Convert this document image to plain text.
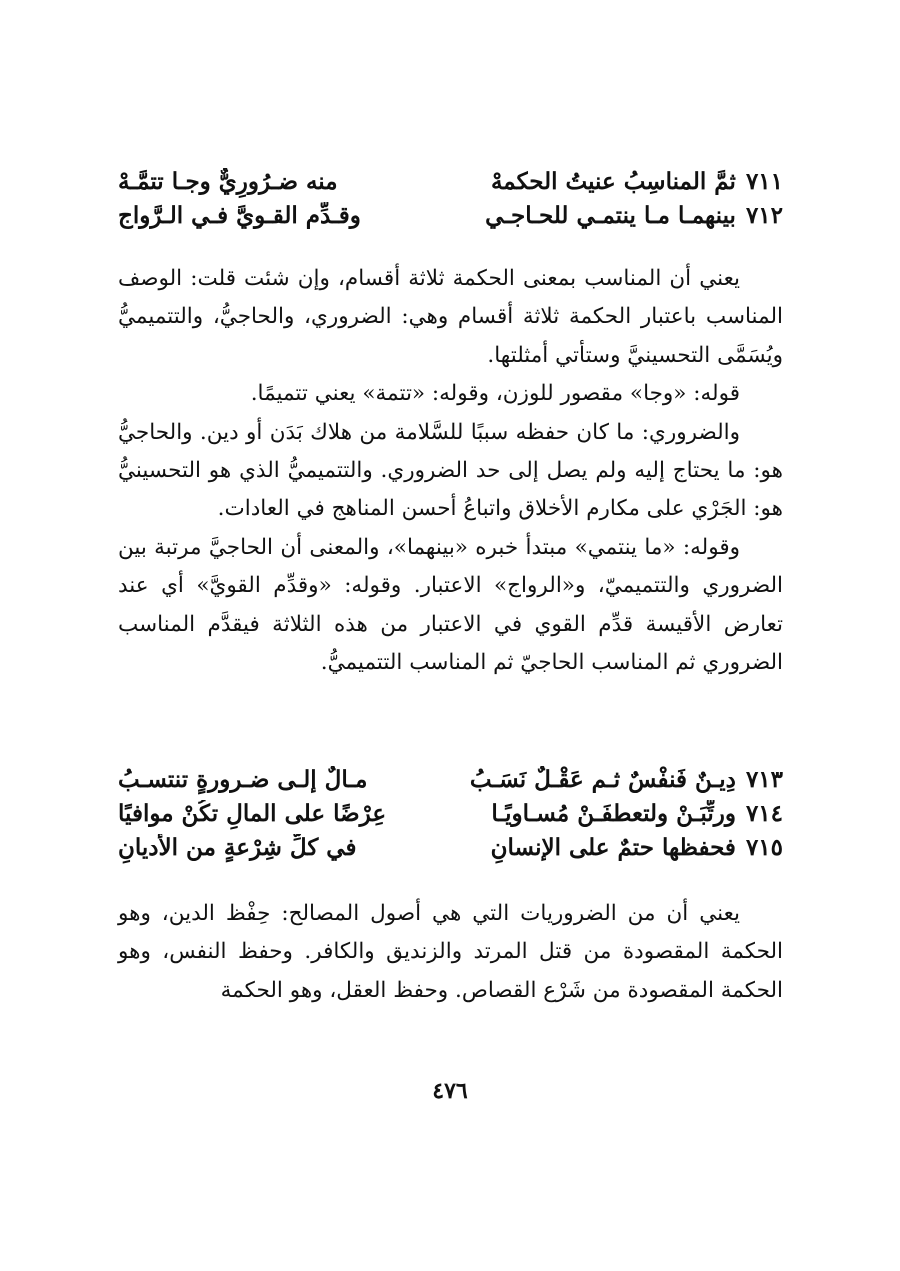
٧١١
ثمَّ المناسِبُ عنيتُ الحكمهْ
منه ضـرُورِيٌّ وجـا تتمَّـهْ
٧١٢
بينهمـا مـا ينتمـي للحـاجـي
وقـدِّم القـويَّ فـي الـرَّواج

يعني أن المناسب بمعنى الحكمة ثلاثة أقسام، وإن شئت قلت: الوصف المناسب باعتبار الحكمة ثلاثة أقسام وهي: الضروري، والحاجيُّ، والتتميميُّ ويُسَمَّى التحسينيَّ وستأتي أمثلتها.

قوله: «وجا» مقصور للوزن، وقوله: «تتمة» يعني تتميمًا.

والضروري: ما كان حفظه سببًا للسَّلامة من هلاك بَدَن أو دين. والحاجيُّ هو: ما يحتاج إليه ولم يصل إلى حد الضروري. والتتميميُّ الذي هو التحسينيُّ هو: الجَرْي على مكارم الأخلاق واتباعُ أحسن المناهج في العادات.

وقوله: «ما ينتمي» مبتدأ خبره «بينهما»، والمعنى أن الحاجيَّ مرتبة بين الضروري والتتميميّ، و«الرواج» الاعتبار. وقوله: «وقدِّم القويَّ» أي عند تعارض الأقيسة قدِّم القوي في الاعتبار من هذه الثلاثة فيقدَّم المناسب الضروري ثم المناسب الحاجيّ ثم المناسب التتميميُّ.

٧١٣
دِيـنٌ فَنفْسٌ ثـم عَقْـلٌ نَسَـبُ
مـالٌ إلـى ضـرورةٍ تنتسـبُ
٧١٤
ورتِّبَـنْ ولتعطفَـنْ مُسـاويًـا
عِرْضًا على المالِ تكُنْ موافيًا
٧١٥
فحفظها حتمٌ على الإنسانِ
في كلِّ شِرْعةٍ من الأديانِ

يعني أن من الضروريات التي هي أصول المصالح: حِفْظ الدين، وهو الحكمة المقصودة من قتل المرتد والزنديق والكافر. وحفظ النفس، وهو الحكمة المقصودة من شَرْع القصاص. وحفظ العقل، وهو الحكمة

٤٧٦
